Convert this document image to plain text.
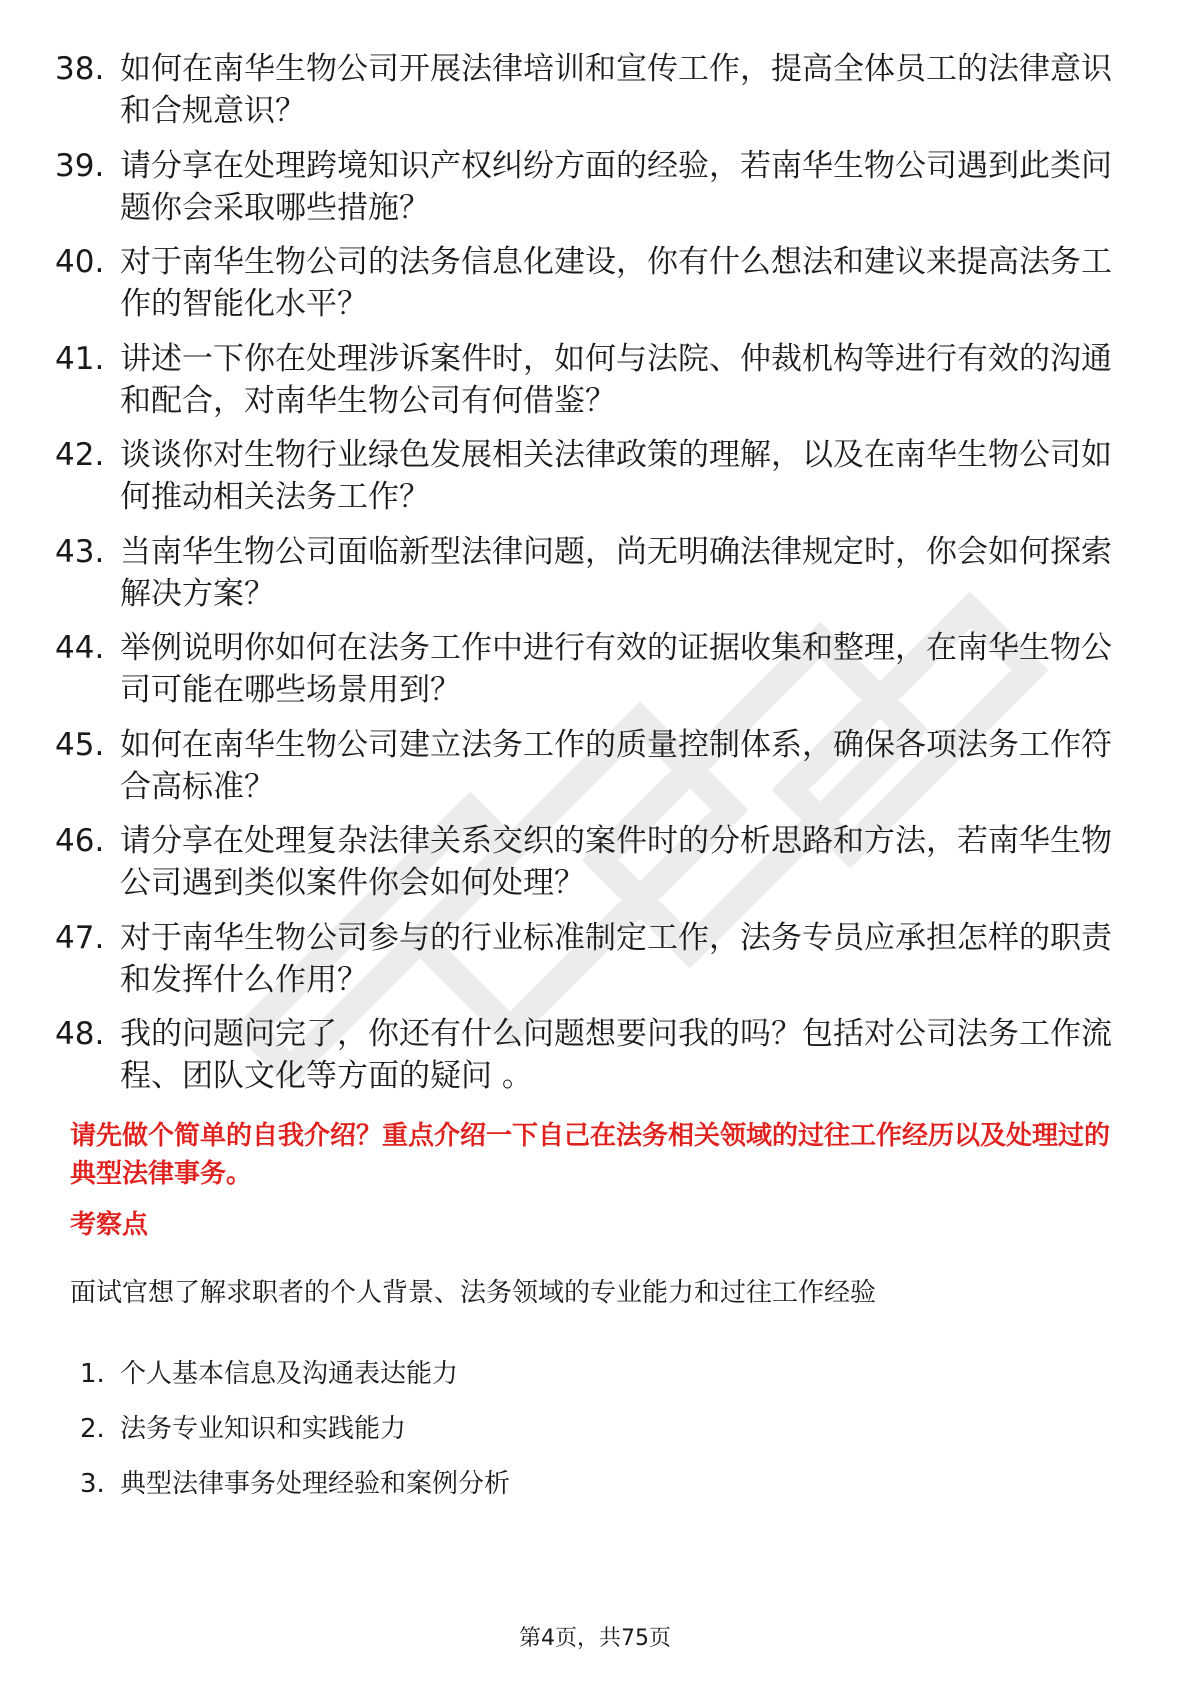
38. 如何在南华生物公司开展法律培训和宣传工作，提高全体员工的法律意识和合规意识？
39. 请分享在处理跨境知识产权纠纷方面的经验，若南华生物公司遇到此类问题你会采取哪些措施？
40. 对于南华生物公司的法务信息化建设，你有什么想法和建议来提高法务工作的智能化水平？
41. 讲述一下你在处理涉诉案件时，如何与法院、仲裁机构等进行有效的沟通和配合，对南华生物公司有何借鉴？
42. 谈谈你对生物行业绿色发展相关法律政策的理解，以及在南华生物公司如何推动相关法务工作？
43. 当南华生物公司面临新型法律问题，尚无明确法律规定时，你会如何探索解决方案？
44. 举例说明你如何在法务工作中进行有效的证据收集和整理，在南华生物公司可能在哪些场景用到？
45. 如何在南华生物公司建立法务工作的质量控制体系，确保各项法务工作符合高标准？
46. 请分享在处理复杂法律关系交织的案件时的分析思路和方法，若南华生物公司遇到类似案件你会如何处理？
47. 对于南华生物公司参与的行业标准制定工作，法务专员应承担怎样的职责和发挥什么作用？
48. 我的问题问完了，你还有什么问题想要问我的吗？包括对公司法务工作流程、团队文化等方面的疑问 。

请先做个简单的自我介绍？重点介绍一下自己在法务相关领域的过往工作经历以及处理过的典型法律事务。

考察点

面试官想了解求职者的个人背景、法务领域的专业能力和过往工作经验

1. 个人基本信息及沟通表达能力
2. 法务专业知识和实践能力
3. 典型法律事务处理经验和案例分析
第4页，共75页
